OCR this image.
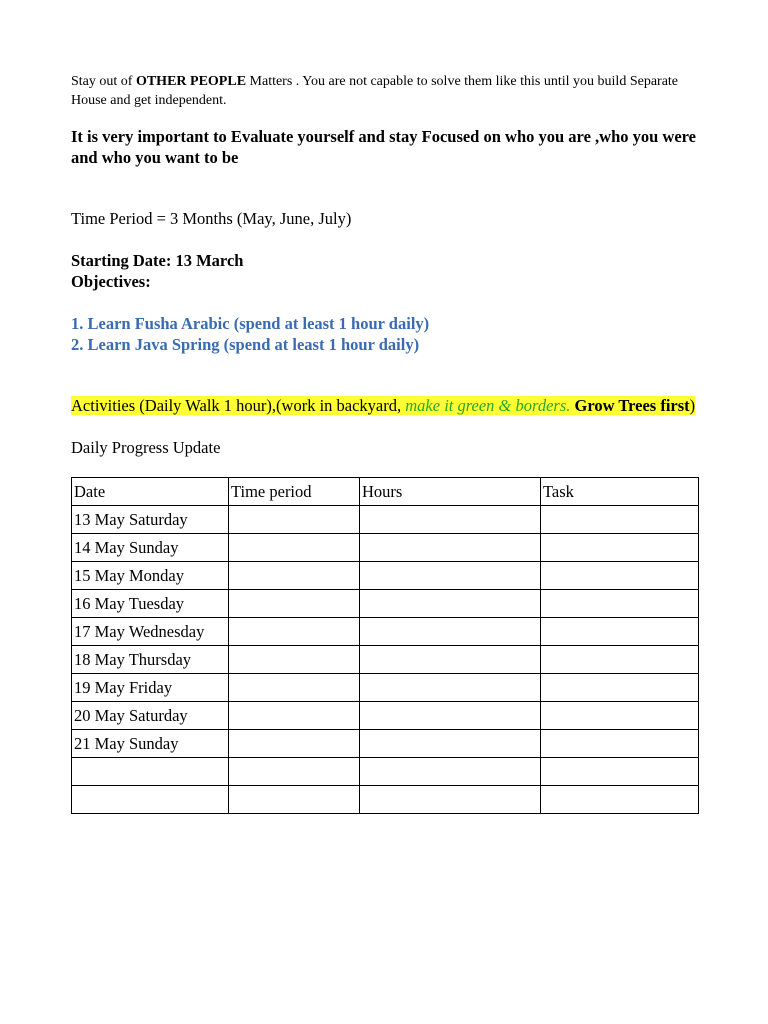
Stay out of OTHER PEOPLE Matters . You are not capable to solve them like this until you build Separate House and get independent.

It is very important to Evaluate yourself and stay Focused on who you are ,who you were and who you want to be

Time Period = 3 Months (May, June, July)

Starting Date: 13 March

Objectives:

1. Learn Fusha Arabic (spend at least 1 hour daily)

2. Learn Java Spring (spend at least 1 hour daily)

Activities (Daily Walk 1 hour),(work in backyard, make it green & borders. Grow Trees first)

Daily Progress Update

Date	Time period	Hours	Task
13 May Saturday			
14 May Sunday			
15 May Monday			
16 May Tuesday			
17 May Wednesday			
18 May Thursday			
19 May Friday			
20 May Saturday			
21 May Sunday			
